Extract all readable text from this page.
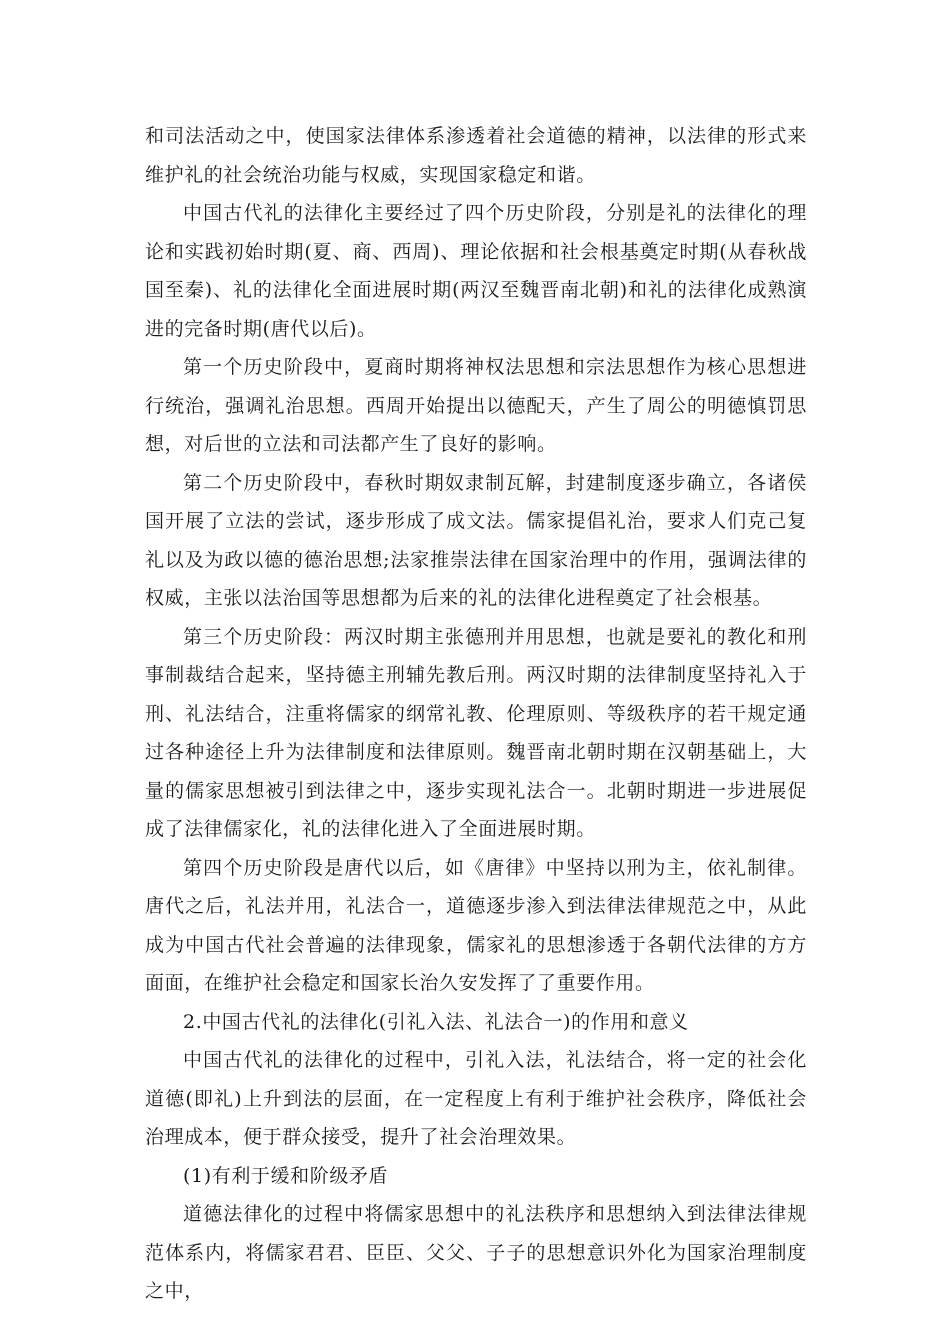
和司法活动之中，使国家法律体系渗透着社会道德的精神，以法律的形式来维护礼的社会统治功能与权威，实现国家稳定和谐。

中国古代礼的法律化主要经过了四个历史阶段，分别是礼的法律化的理论和实践初始时期(夏、商、西周)、理论依据和社会根基奠定时期(从春秋战国至秦)、礼的法律化全面进展时期(两汉至魏晋南北朝)和礼的法律化成熟演进的完备时期(唐代以后)。

第一个历史阶段中，夏商时期将神权法思想和宗法思想作为核心思想进行统治，强调礼治思想。西周开始提出以德配天，产生了周公的明德慎罚思想，对后世的立法和司法都产生了良好的影响。

第二个历史阶段中，春秋时期奴隶制瓦解，封建制度逐步确立，各诸侯国开展了立法的尝试，逐步形成了成文法。儒家提倡礼治，要求人们克己复礼以及为政以德的德治思想;法家推崇法律在国家治理中的作用，强调法律的权威，主张以法治国等思想都为后来的礼的法律化进程奠定了社会根基。

第三个历史阶段：两汉时期主张德刑并用思想，也就是要礼的教化和刑事制裁结合起来，坚持德主刑辅先教后刑。两汉时期的法律制度坚持礼入于刑、礼法结合，注重将儒家的纲常礼教、伦理原则、等级秩序的若干规定通过各种途径上升为法律制度和法律原则。魏晋南北朝时期在汉朝基础上，大量的儒家思想被引到法律之中，逐步实现礼法合一。北朝时期进一步进展促成了法律儒家化，礼的法律化进入了全面进展时期。

第四个历史阶段是唐代以后，如《唐律》中坚持以刑为主，依礼制律。唐代之后，礼法并用，礼法合一，道德逐步渗入到法律法律规范之中，从此成为中国古代社会普遍的法律现象，儒家礼的思想渗透于各朝代法律的方方面面，在维护社会稳定和国家长治久安发挥了了重要作用。

2.中国古代礼的法律化(引礼入法、礼法合一)的作用和意义

中国古代礼的法律化的过程中，引礼入法，礼法结合，将一定的社会化道德(即礼)上升到法的层面，在一定程度上有利于维护社会秩序，降低社会治理成本，便于群众接受，提升了社会治理效果。

(1)有利于缓和阶级矛盾

道德法律化的过程中将儒家思想中的礼法秩序和思想纳入到法律法律规范体系内，将儒家君君、臣臣、父父、子子的思想意识外化为国家治理制度之中，
